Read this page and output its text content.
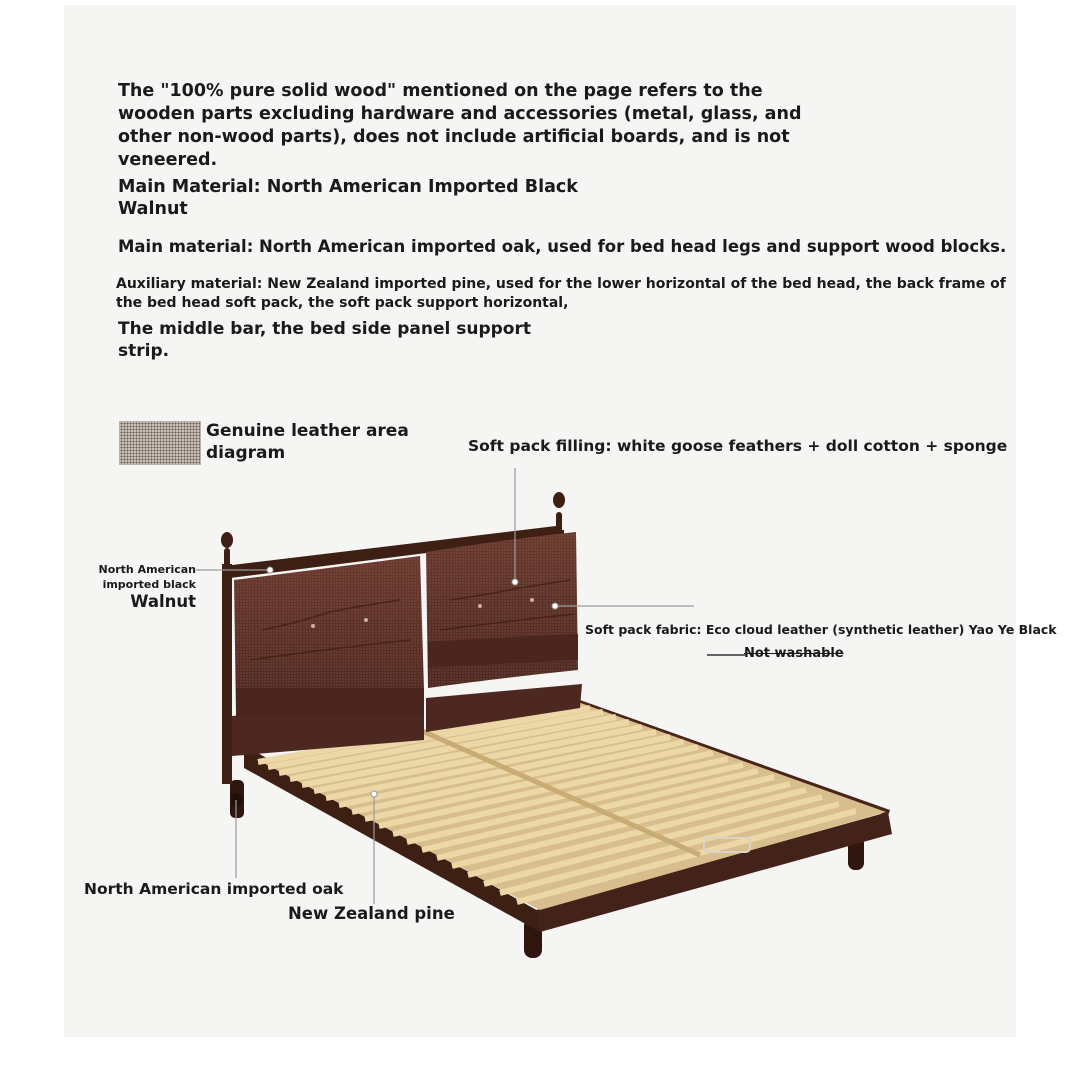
The "100% pure solid wood" mentioned on the page refers to the wooden parts excluding hardware and accessories (metal, glass, and other non-wood parts), does not include artificial boards, and is not veneered.

Main Material: North American Imported Black Walnut

Main material: North American imported oak, used for bed head legs and support wood blocks.

Auxiliary material: New Zealand imported pine, used for the lower horizontal of the bed head, the back frame of the bed head soft pack, the soft pack support horizontal,

The middle bar, the bed side panel support strip.

Genuine leather area diagram	Soft pack filling: white goose feathers + doll cotton + sponge
North American imported black
Walnut
Soft pack fabric: Eco cloud leather (synthetic leather) Yao Ye Black
Not washable
North American imported oak
New Zealand pine
